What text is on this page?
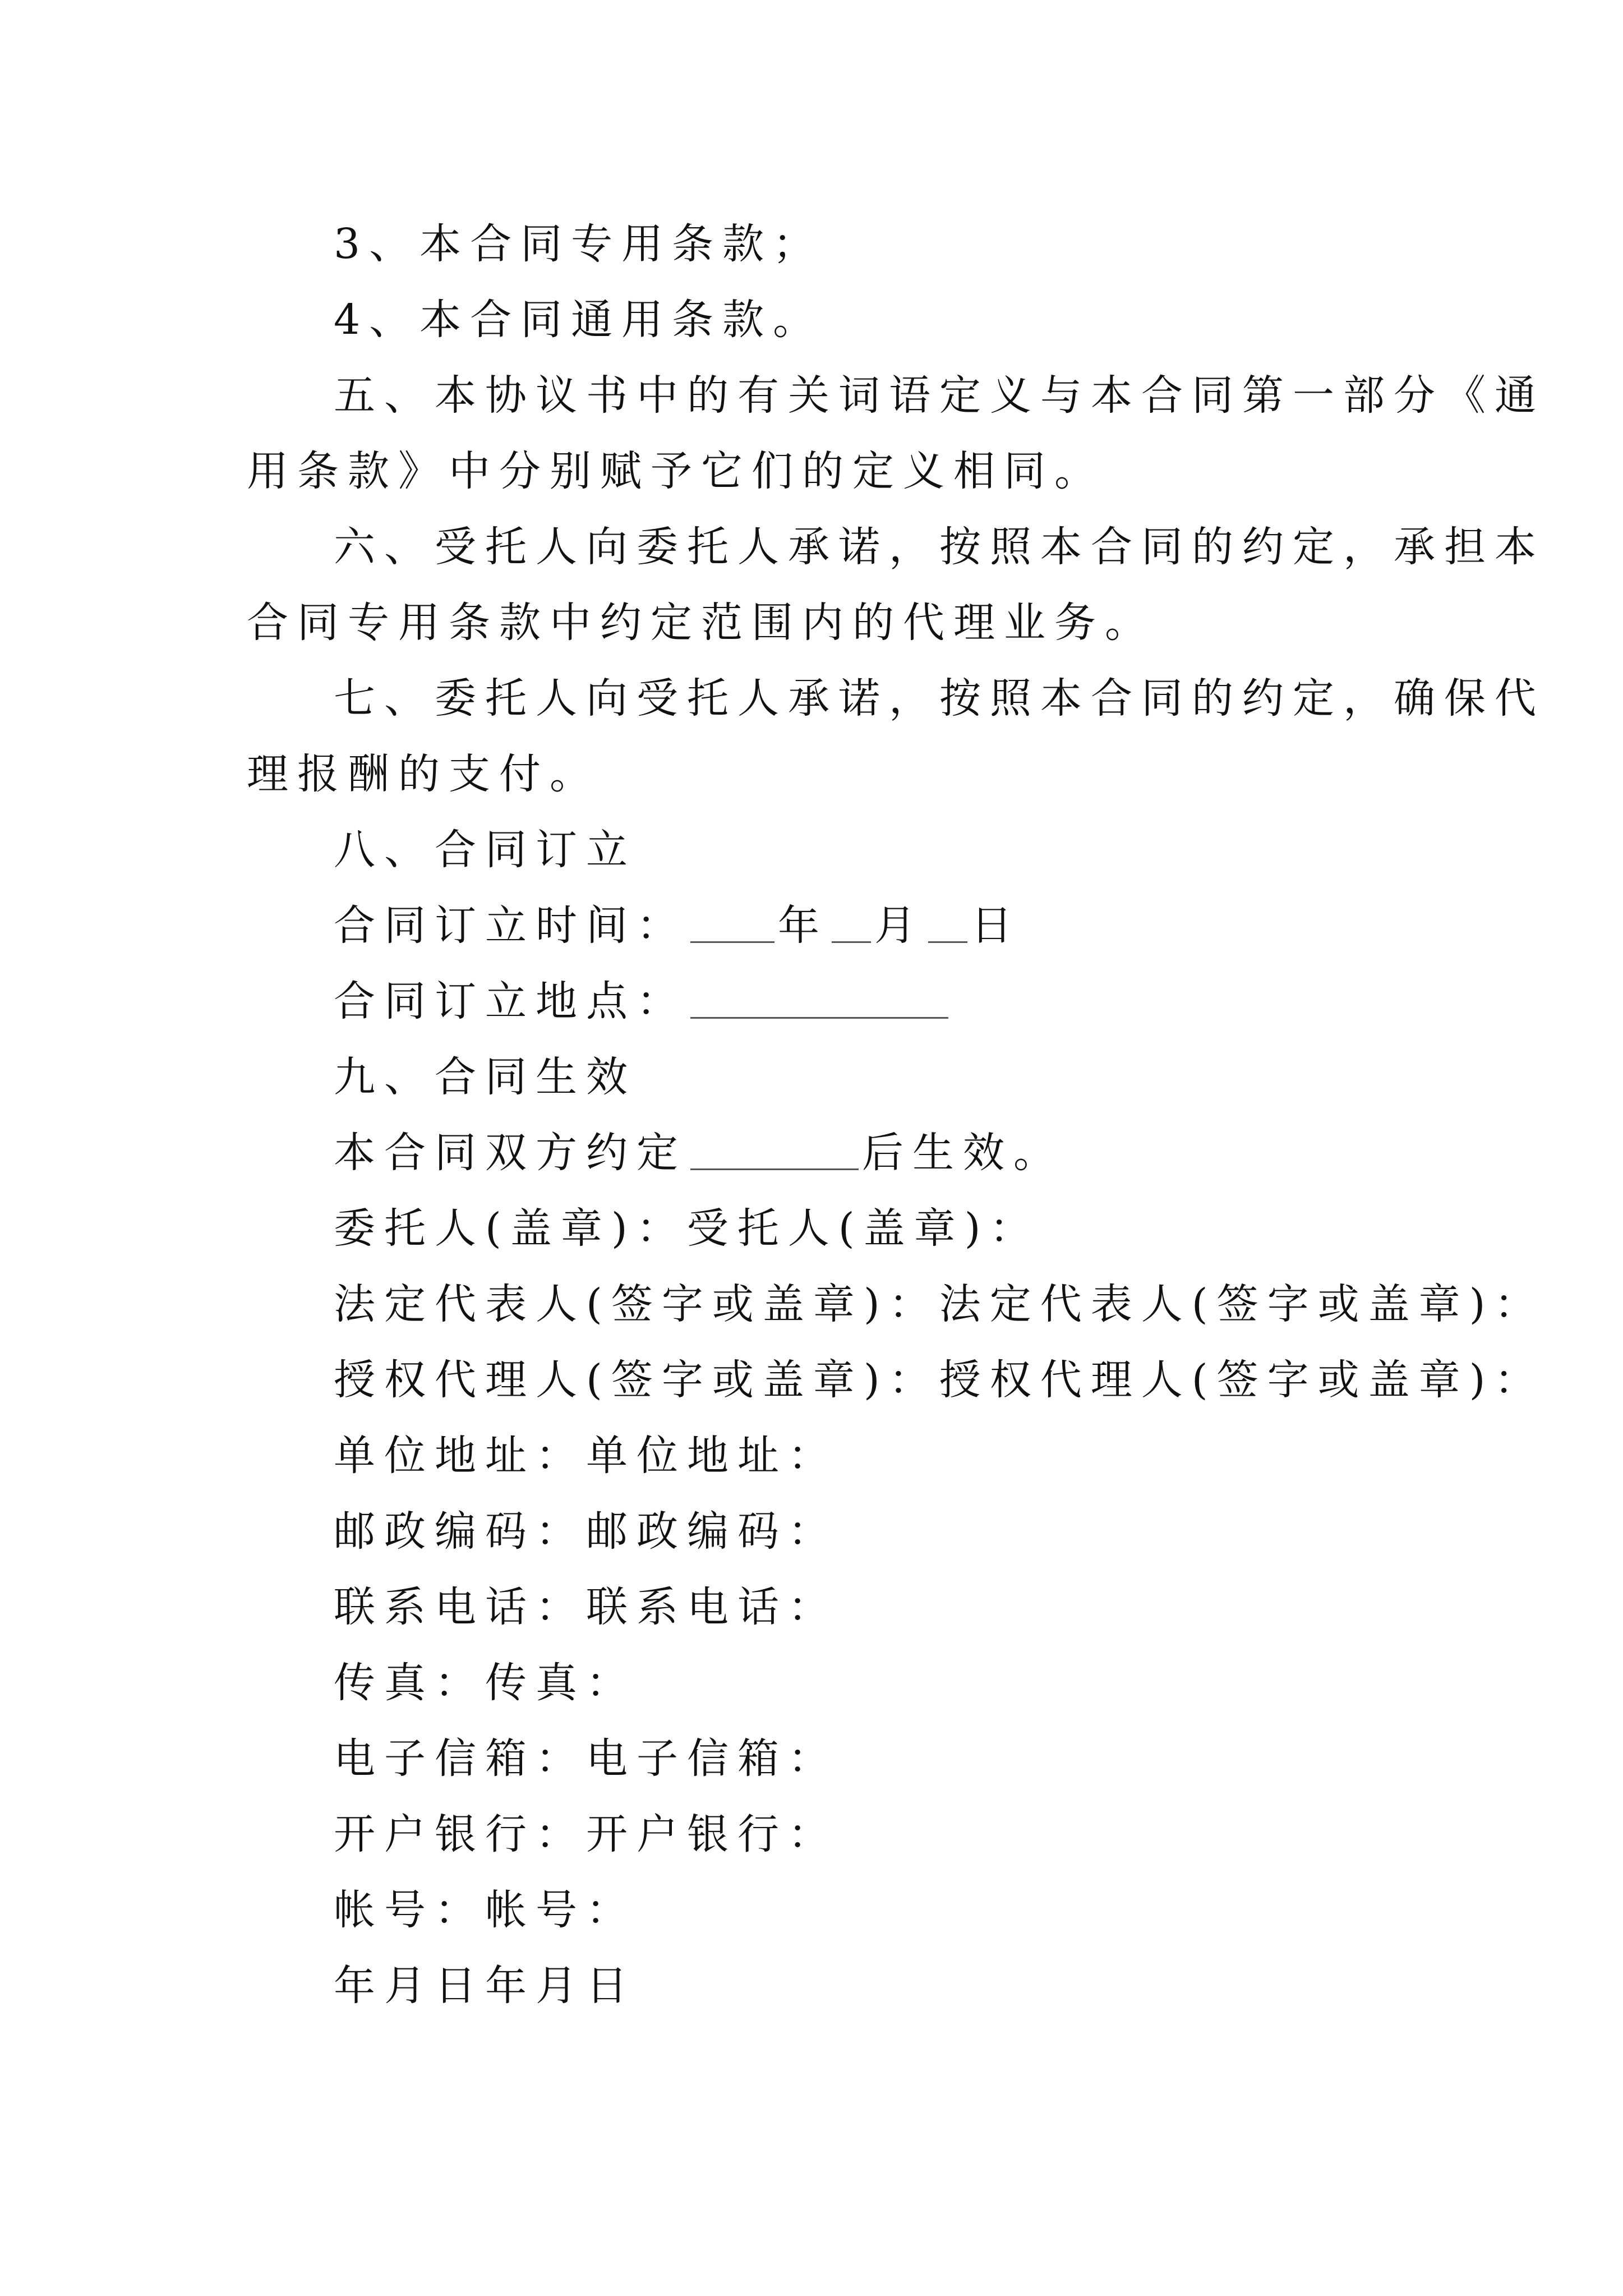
3、本合同专用条款；
4、本合同通用条款。
五、本协议书中的有关词语定义与本合同第一部分《通
用条款》中分别赋予它们的定义相同。
六、受托人向委托人承诺，按照本合同的约定，承担本
合同专用条款中约定范围内的代理业务。
七、委托人向受托人承诺，按照本合同的约定，确保代
理报酬的支付。
八、合同订立
合同订立时间： 年 月 日
合同订立地点：
九、合同生效
本合同双方约定	后生效。
委托人(盖章)：受托人(盖章)：
法定代表人(签字或盖章)：法定代表人(签字或盖章)：
授权代理人(签字或盖章)：授权代理人(签字或盖章)：
单位地址：单位地址：
邮政编码：邮政编码：
联系电话：联系电话：
传真：传真：
电子信箱：电子信箱：
开户银行：开户银行：
帐号：帐号：
年月日年月日
